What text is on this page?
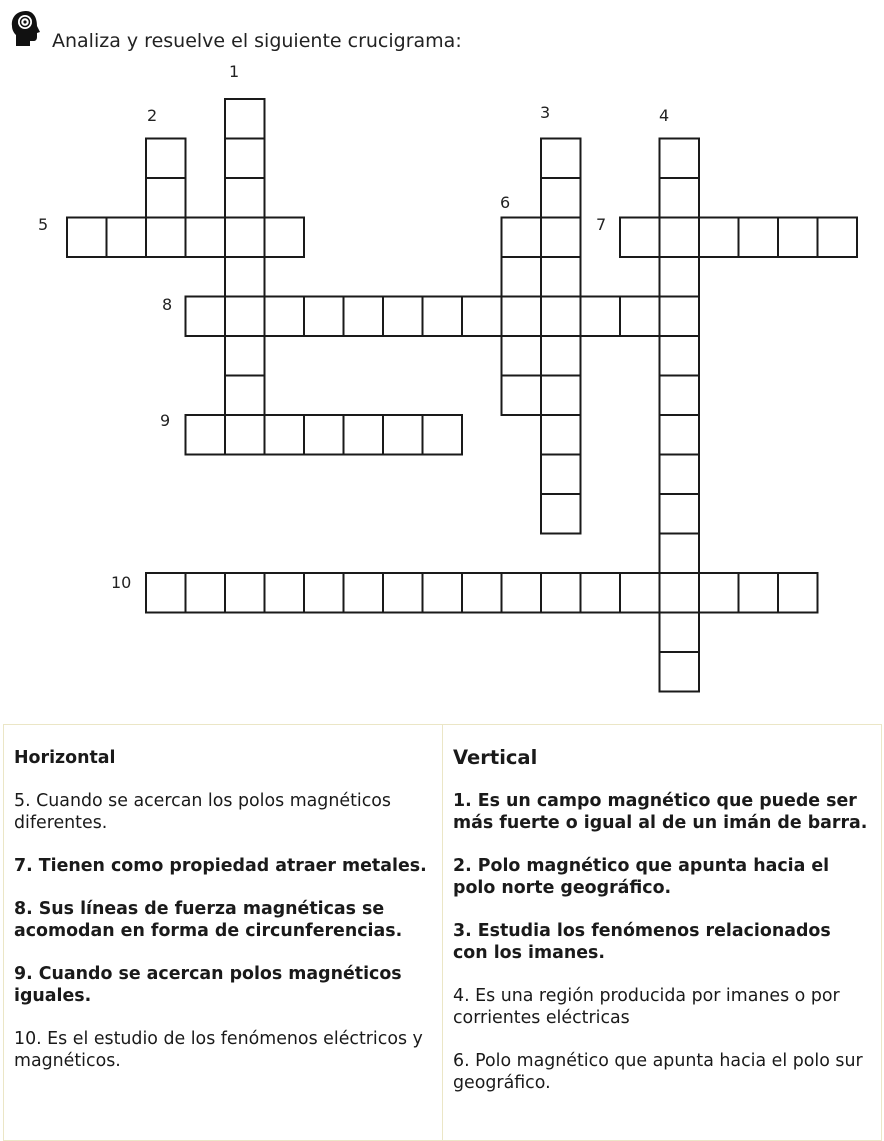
Analiza y resuelve el siguiente crucigrama:
1
2	3	4
5
6
7
8
9
10
Horizontal
5. Cuando se acercan los polos magnéticos diferentes.
7. Tienen como propiedad atraer metales.
8. Sus líneas de fuerza magnéticas se acomodan en forma de circunferencias.
9. Cuando se acercan polos magnéticos iguales.
10. Es el estudio de los fenómenos eléctricos y magnéticos.
Vertical
1. Es un campo magnético que puede ser más fuerte o igual al de un imán de barra.
2. Polo magnético que apunta hacia el polo norte geográfico.
3. Estudia los fenómenos relacionados con los imanes.
4. Es una región producida por imanes o por corrientes eléctricas
6. Polo magnético que apunta hacia el polo sur geográfico.
